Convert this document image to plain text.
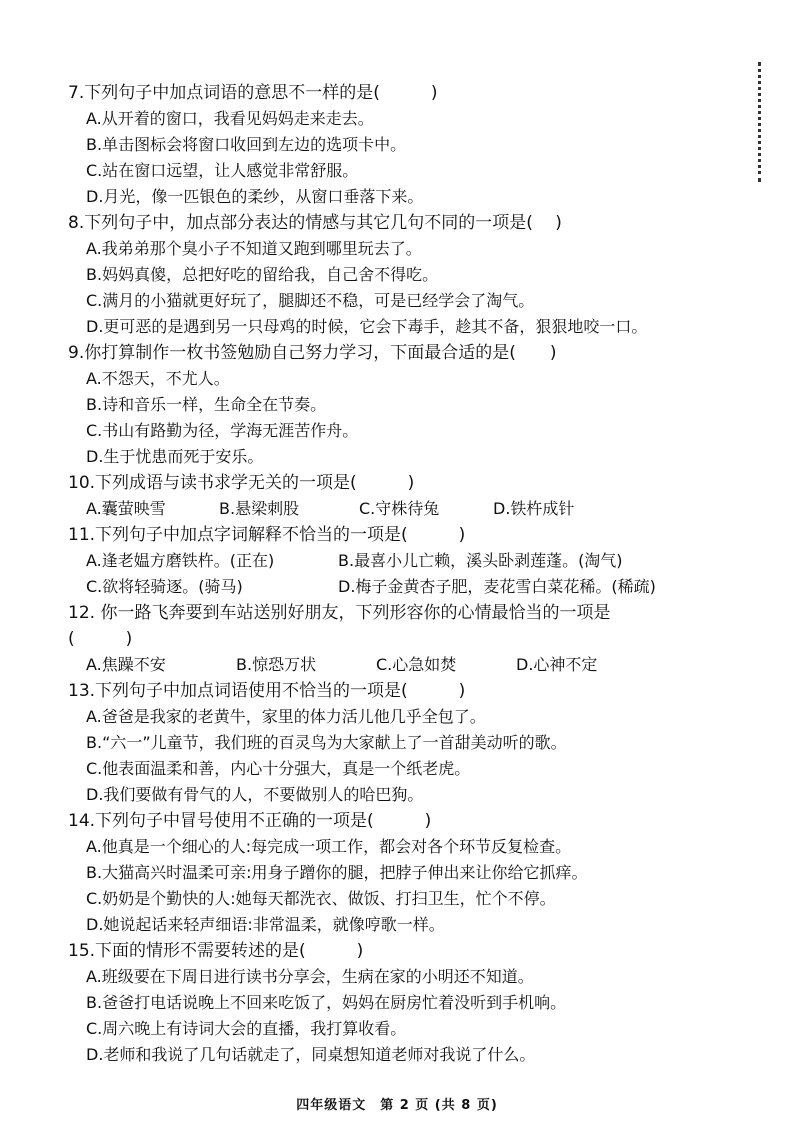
7.下列句子中加点词语的意思不一样的是(　　　)
A.从开着的窗口，我看见妈妈走来走去。
B.单击图标会将窗口收回到左边的选项卡中。
C.站在窗口远望，让人感觉非常舒服。
D.月光，像一匹银色的柔纱，从窗口垂落下来。
8.下列句子中，加点部分表达的情感与其它几句不同的一项是(　 )
A.我弟弟那个臭小子不知道又跑到哪里玩去了。
B.妈妈真傻，总把好吃的留给我，自己舍不得吃。
C.满月的小猫就更好玩了，腿脚还不稳，可是已经学会了淘气。
D.更可恶的是遇到另一只母鸡的时候，它会下毒手，趁其不备，狠狠地咬一口。
9.你打算制作一枚书签勉励自己努力学习，下面最合适的是(　　)
A.不怨天，不尤人。
B.诗和音乐一样，生命全在节奏。
C.书山有路勤为径，学海无涯苦作舟。
D.生于忧患而死于安乐。
10.下列成语与读书求学无关的一项是(　　　)
A.囊萤映雪	B.悬梁刺股	C.守株待兔	D.铁杵成针
11.下列句子中加点字词解释不恰当的一项是(　　　)
A.逢老媪方磨铁杵。(正在)	B.最喜小儿亡赖，溪头卧剥莲蓬。(淘气)
C.欲将轻骑逐。(骑马)	D.梅子金黄杏子肥，麦花雪白菜花稀。(稀疏)
12. 你一路飞奔要到车站送别好朋友，下列形容你的心情最恰当的一项是
(　　　)
A.焦躁不安	B.惊恐万状	C.心急如焚	D.心神不定
13.下列句子中加点词语使用不恰当的一项是(　　　)
A.爸爸是我家的老黄牛，家里的体力活儿他几乎全包了。
B.“六一”儿童节，我们班的百灵鸟为大家献上了一首甜美动听的歌。
C.他表面温柔和善，内心十分强大，真是一个纸老虎。
D.我们要做有骨气的人，不要做别人的哈巴狗。
14.下列句子中冒号使用不正确的一项是(　　　)
A.他真是一个细心的人:每完成一项工作，都会对各个环节反复检查。
B.大猫高兴时温柔可亲:用身子蹭你的腿，把脖子伸出来让你给它抓痒。
C.奶奶是个勤快的人:她每天都洗衣、做饭、打扫卫生，忙个不停。
D.她说起话来轻声细语:非常温柔，就像哼歌一样。
15.下面的情形不需要转述的是(　　　)
A.班级要在下周日进行读书分享会，生病在家的小明还不知道。
B.爸爸打电话说晚上不回来吃饭了，妈妈在厨房忙着没听到手机响。
C.周六晚上有诗词大会的直播，我打算收看。
D.老师和我说了几句话就走了，同桌想知道老师对我说了什么。
四年级语文　第 2 页 (共 8 页)
